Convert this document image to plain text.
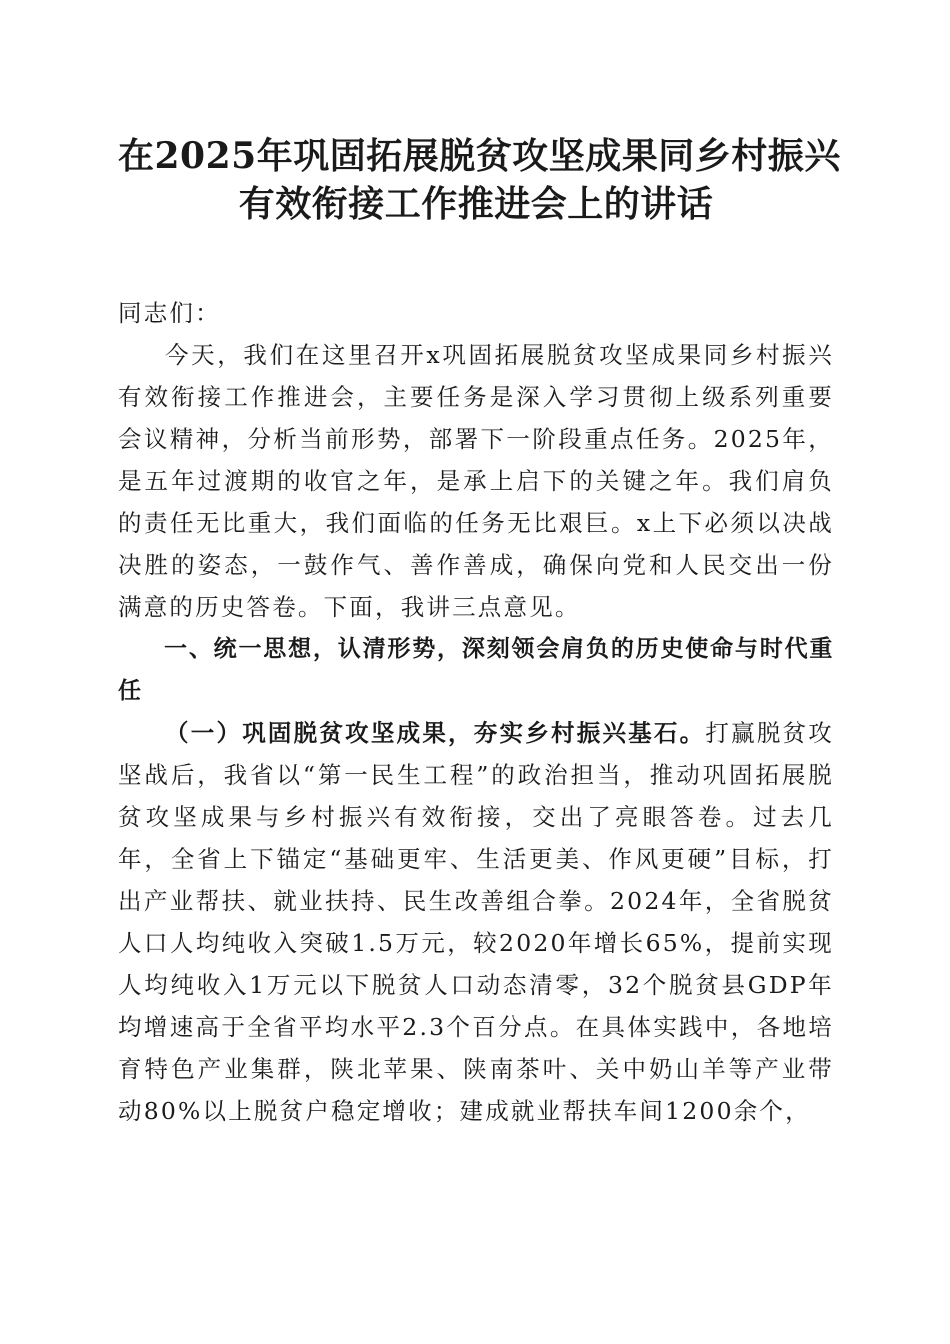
在2025年巩固拓展脱贫攻坚成果同乡村振兴
有效衔接工作推进会上的讲话

同志们：

今天，我们在这里召开x巩固拓展脱贫攻坚成果同乡村振兴有效衔接工作推进会，主要任务是深入学习贯彻上级系列重要会议精神，分析当前形势，部署下一阶段重点任务。2025年，是五年过渡期的收官之年，是承上启下的关键之年。我们肩负的责任无比重大，我们面临的任务无比艰巨。x上下必须以决战决胜的姿态，一鼓作气、善作善成，确保向党和人民交出一份满意的历史答卷。下面，我讲三点意见。

一、统一思想，认清形势，深刻领会肩负的历史使命与时代重任

（一）巩固脱贫攻坚成果，夯实乡村振兴基石。打赢脱贫攻坚战后，我省以“第一民生工程”的政治担当，推动巩固拓展脱贫攻坚成果与乡村振兴有效衔接，交出了亮眼答卷。过去几年，全省上下锚定“基础更牢、生活更美、作风更硬”目标，打出产业帮扶、就业扶持、民生改善组合拳。2024年，全省脱贫人口人均纯收入突破1.5万元，较2020年增长65%，提前实现人均纯收入1万元以下脱贫人口动态清零，32个脱贫县GDP年均增速高于全省平均水平2.3个百分点。在具体实践中，各地培育特色产业集群，陕北苹果、陕南茶叶、关中奶山羊等产业带动80%以上脱贫户稳定增收；建成就业帮扶车间1200余个，
